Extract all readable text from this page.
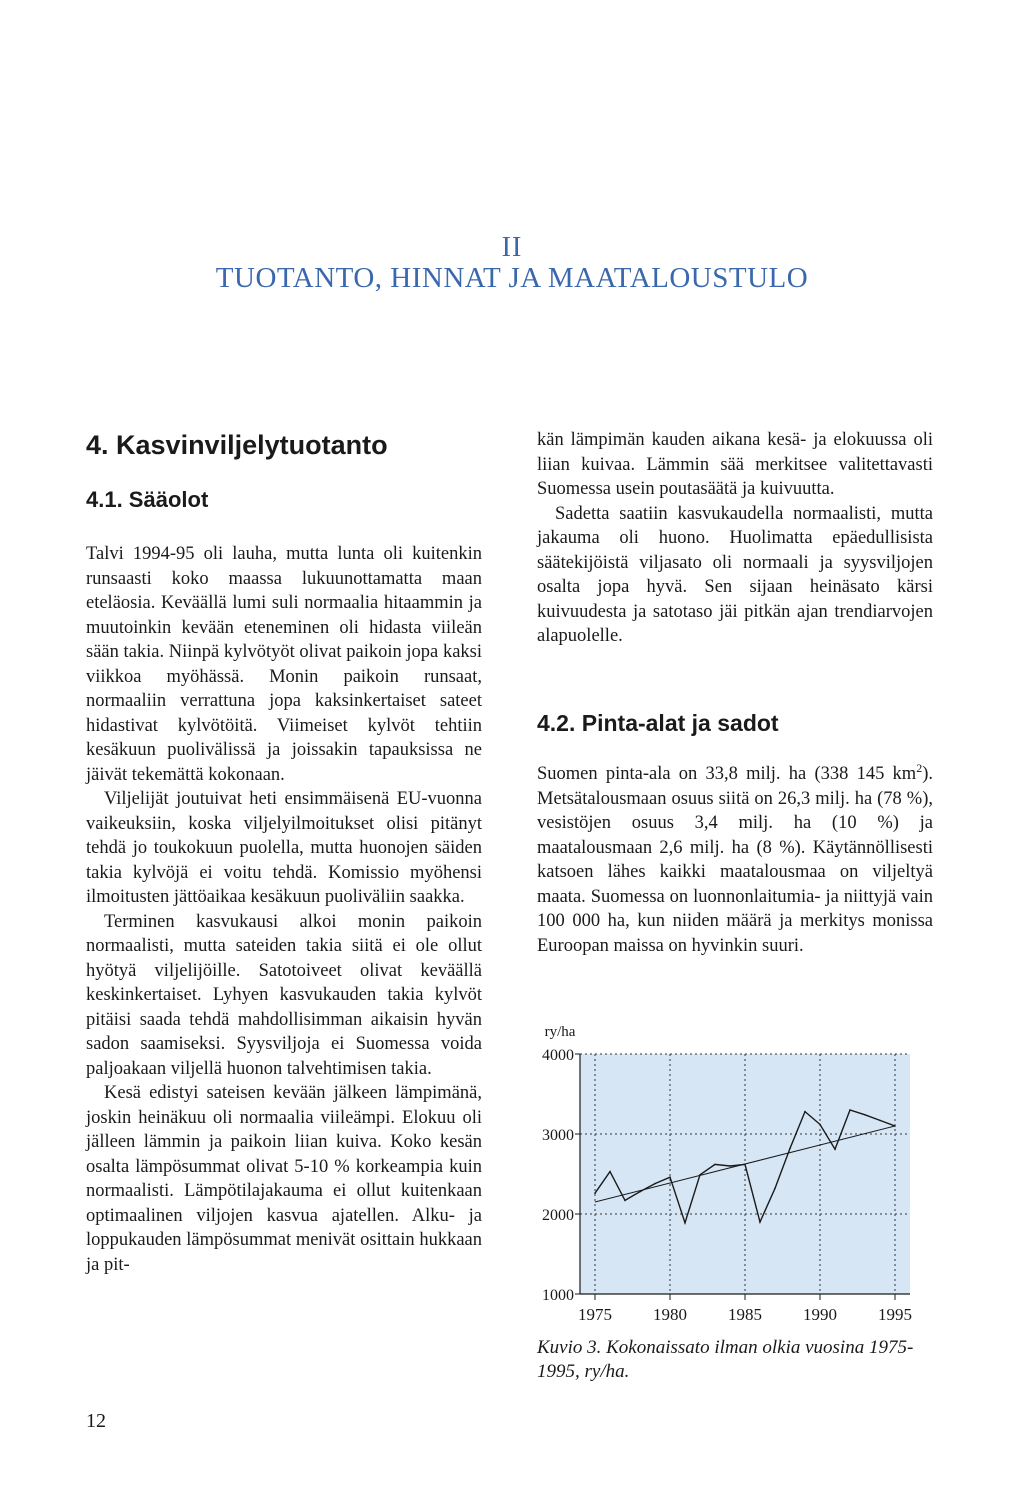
II
TUOTANTO, HINNAT JA MAATALOUSTULO
4. Kasvinviljelytuotanto
4.1. Sääolot

Talvi 1994-95 oli lauha, mutta lunta oli kuitenkin runsaasti koko maassa lukuunottamatta maan eteläosia. Keväällä lumi suli normaalia hitaammin ja muutoinkin kevään eteneminen oli hidasta viileän sään takia. Niinpä kylvötyöt olivat paikoin jopa kaksi viikkoa myöhässä. Monin paikoin runsaat, normaaliin verrattuna jopa kaksinkertaiset sateet hidastivat kylvötöitä. Viimeiset kylvöt tehtiin kesäkuun puolivälissä ja joissakin tapauksissa ne jäivät tekemättä kokonaan.

Viljelijät joutuivat heti ensimmäisenä EU-vuonna vaikeuksiin, koska viljelyilmoitukset olisi pitänyt tehdä jo toukokuun puolella, mutta huonojen säiden takia kylvöjä ei voitu tehdä. Komissio myöhensi ilmoitusten jättöaikaa kesäkuun puoliväliin saakka.

Terminen kasvukausi alkoi monin paikoin normaalisti, mutta sateiden takia siitä ei ole ollut hyötyä viljelijöille. Satotoiveet olivat keväällä keskinkertaiset. Lyhyen kasvukauden takia kylvöt pitäisi saada tehdä mahdollisimman aikaisin hyvän sadon saamiseksi. Syysviljoja ei Suomessa voida paljoakaan viljellä huonon talvehtimisen takia.

Kesä edistyi sateisen kevään jälkeen lämpimänä, joskin heinäkuu oli normaalia viileämpi. Elokuu oli jälleen lämmin ja paikoin liian kuiva. Koko kesän osalta lämpösummat olivat 5-10 % korkeampia kuin normaalisti. Lämpötilajakauma ei ollut kuitenkaan optimaalinen viljojen kasvua ajatellen. Alku- ja loppukauden lämpösummat menivät osittain hukkaan ja pit-

kän lämpimän kauden aikana kesä- ja elokuussa oli liian kuivaa. Lämmin sää merkitsee valitettavasti Suomessa usein poutasäätä ja kuivuutta.

Sadetta saatiin kasvukaudella normaalisti, mutta jakauma oli huono. Huolimatta epäedullisista säätekijöistä viljasato oli normaali ja syysviljojen osalta jopa hyvä. Sen sijaan heinäsato kärsi kuivuudesta ja satotaso jäi pitkän ajan trendiarvojen alapuolelle.

4.2. Pinta-alat ja sadot

Suomen pinta-ala on 33,8 milj. ha (338 145 $km^2$). Metsätalousmaan osuus siitä on 26,3 milj. ha (78 %), vesistöjen osuus 3,4 milj. ha (10 %) ja maatalousmaan 2,6 milj. ha (8 %). Käytännöllisesti katsoen lähes kaikki maatalousmaa on viljeltyä maata. Suomessa on luonnonlaitumia- ja niittyjä vain 100 000 ha, kun niiden määrä ja merkitys monissa Euroopan maissa on hyvinkin suuri.

1000
2000
3000
4000
1975 1980 1985 1990 1995
ry/ha
Kuvio 3. Kokonaissato ilman olkia vuosina 1975-1995, ry/ha.
12
